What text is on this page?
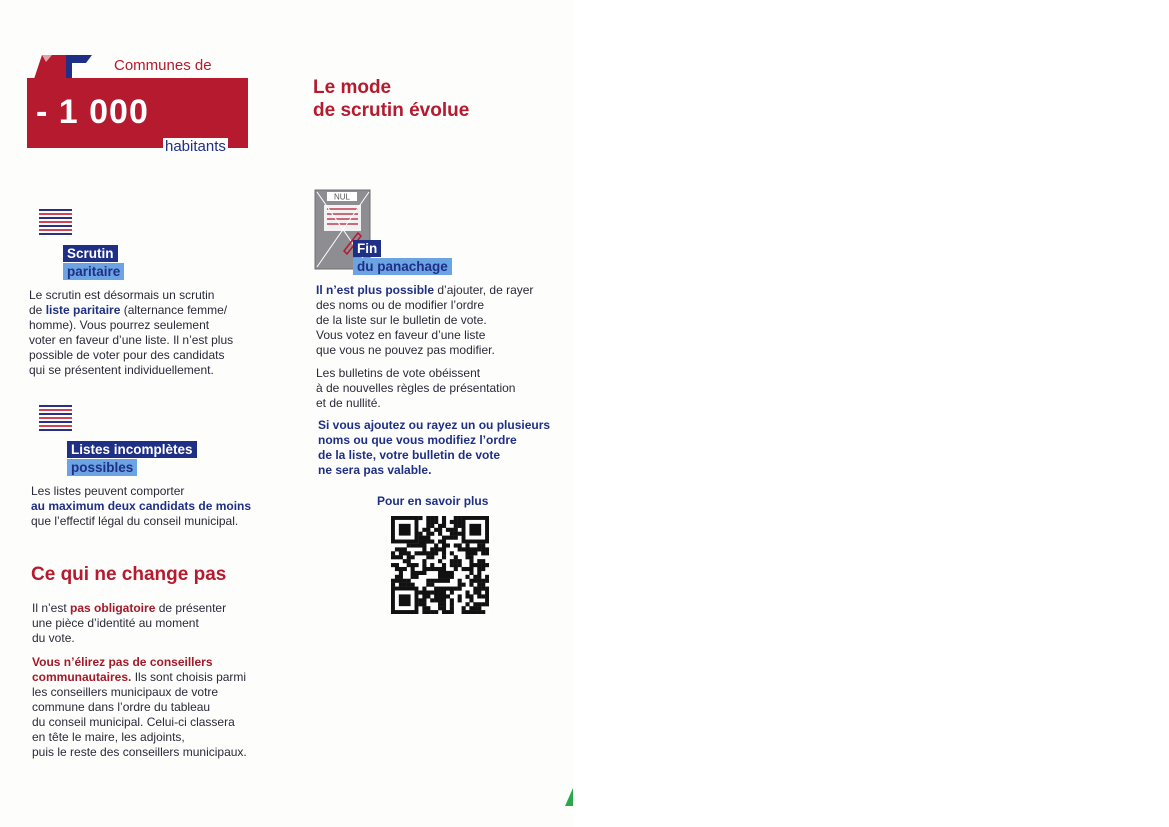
Communes de
- 1 000
habitants
Le mode
de scrutin évolue
Scrutin
paritaire
Le scrutin est désormais un scrutin
de liste paritaire (alternance femme/
homme). Vous pourrez seulement
voter en faveur d’une liste. Il n’est plus
possible de voter pour des candidats
qui se présentent individuellement.
Listes incomplètes
possibles
Les listes peuvent comporter
au maximum deux candidats de moins
que l’effectif légal du conseil municipal.
Ce qui ne change pas
Il n’est pas obligatoire de présenter
une pièce d’identité au moment
du vote.
Vous n’élirez pas de conseillers
communautaires. Ils sont choisis parmi
les conseillers municipaux de votre
commune dans l’ordre du tableau
du conseil municipal. Celui-ci classera
en tête le maire, les adjoints,
puis le reste des conseillers municipaux.
NUL
Fin
du panachage
Il n’est plus possible d’ajouter, de rayer
des noms ou de modifier l’ordre
de la liste sur le bulletin de vote.
Vous votez en faveur d’une liste
que vous ne pouvez pas modifier.
Les bulletins de vote obéissent
à de nouvelles règles de présentation
et de nullité.
Si vous ajoutez ou rayez un ou plusieurs
noms ou que vous modifiez l’ordre
de la liste, votre bulletin de vote
ne sera pas valable.
Pour en savoir plus
